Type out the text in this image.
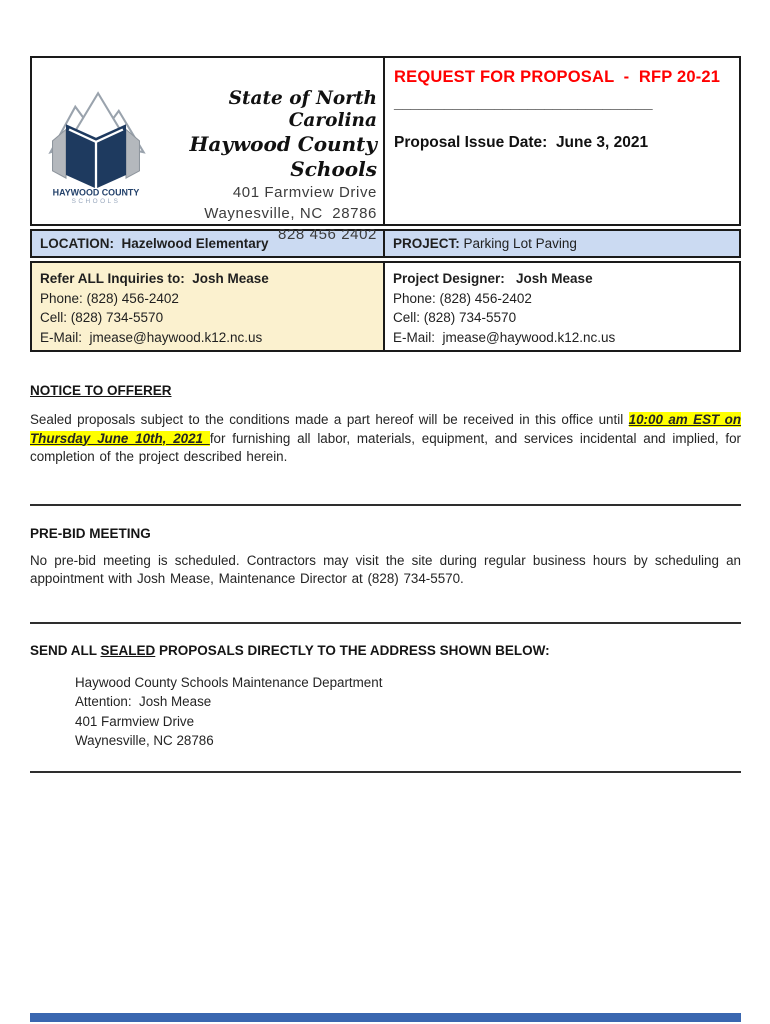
HAYWOOD COUNTY
SCHOOLS
State of North Carolina
Haywood County Schools
401 Farmview Drive
Waynesville, NC  28786
828 456 2402
REQUEST FOR PROPOSAL  -  RFP 20-21
_______________________________
Proposal Issue Date:  June 3, 2021
LOCATION: Hazelwood Elementary	PROJECT: Parking Lot Paving
Refer ALL Inquiries to:  Josh Mease
Phone: (828) 456-2402
Cell: (828) 734-5570
E-Mail:  jmease@haywood.k12.nc.us
Project Designer:   Josh Mease
Phone: (828) 456-2402
Cell: (828) 734-5570
E-Mail:  jmease@haywood.k12.nc.us
NOTICE TO OFFERER
Sealed proposals subject to the conditions made a part hereof will be received in this office until 10:00 am EST on Thursday June 10th, 2021 for furnishing all labor, materials, equipment, and services incidental and implied, for completion of the project described herein.
PRE-BID MEETING
No pre-bid meeting is scheduled. Contractors may visit the site during regular business hours by scheduling an appointment with Josh Mease, Maintenance Director at (828) 734-5570.
SEND ALL SEALED PROPOSALS DIRECTLY TO THE ADDRESS SHOWN BELOW:
Haywood County Schools Maintenance Department
Attention:  Josh Mease
401 Farmview Drive
Waynesville, NC 28786
